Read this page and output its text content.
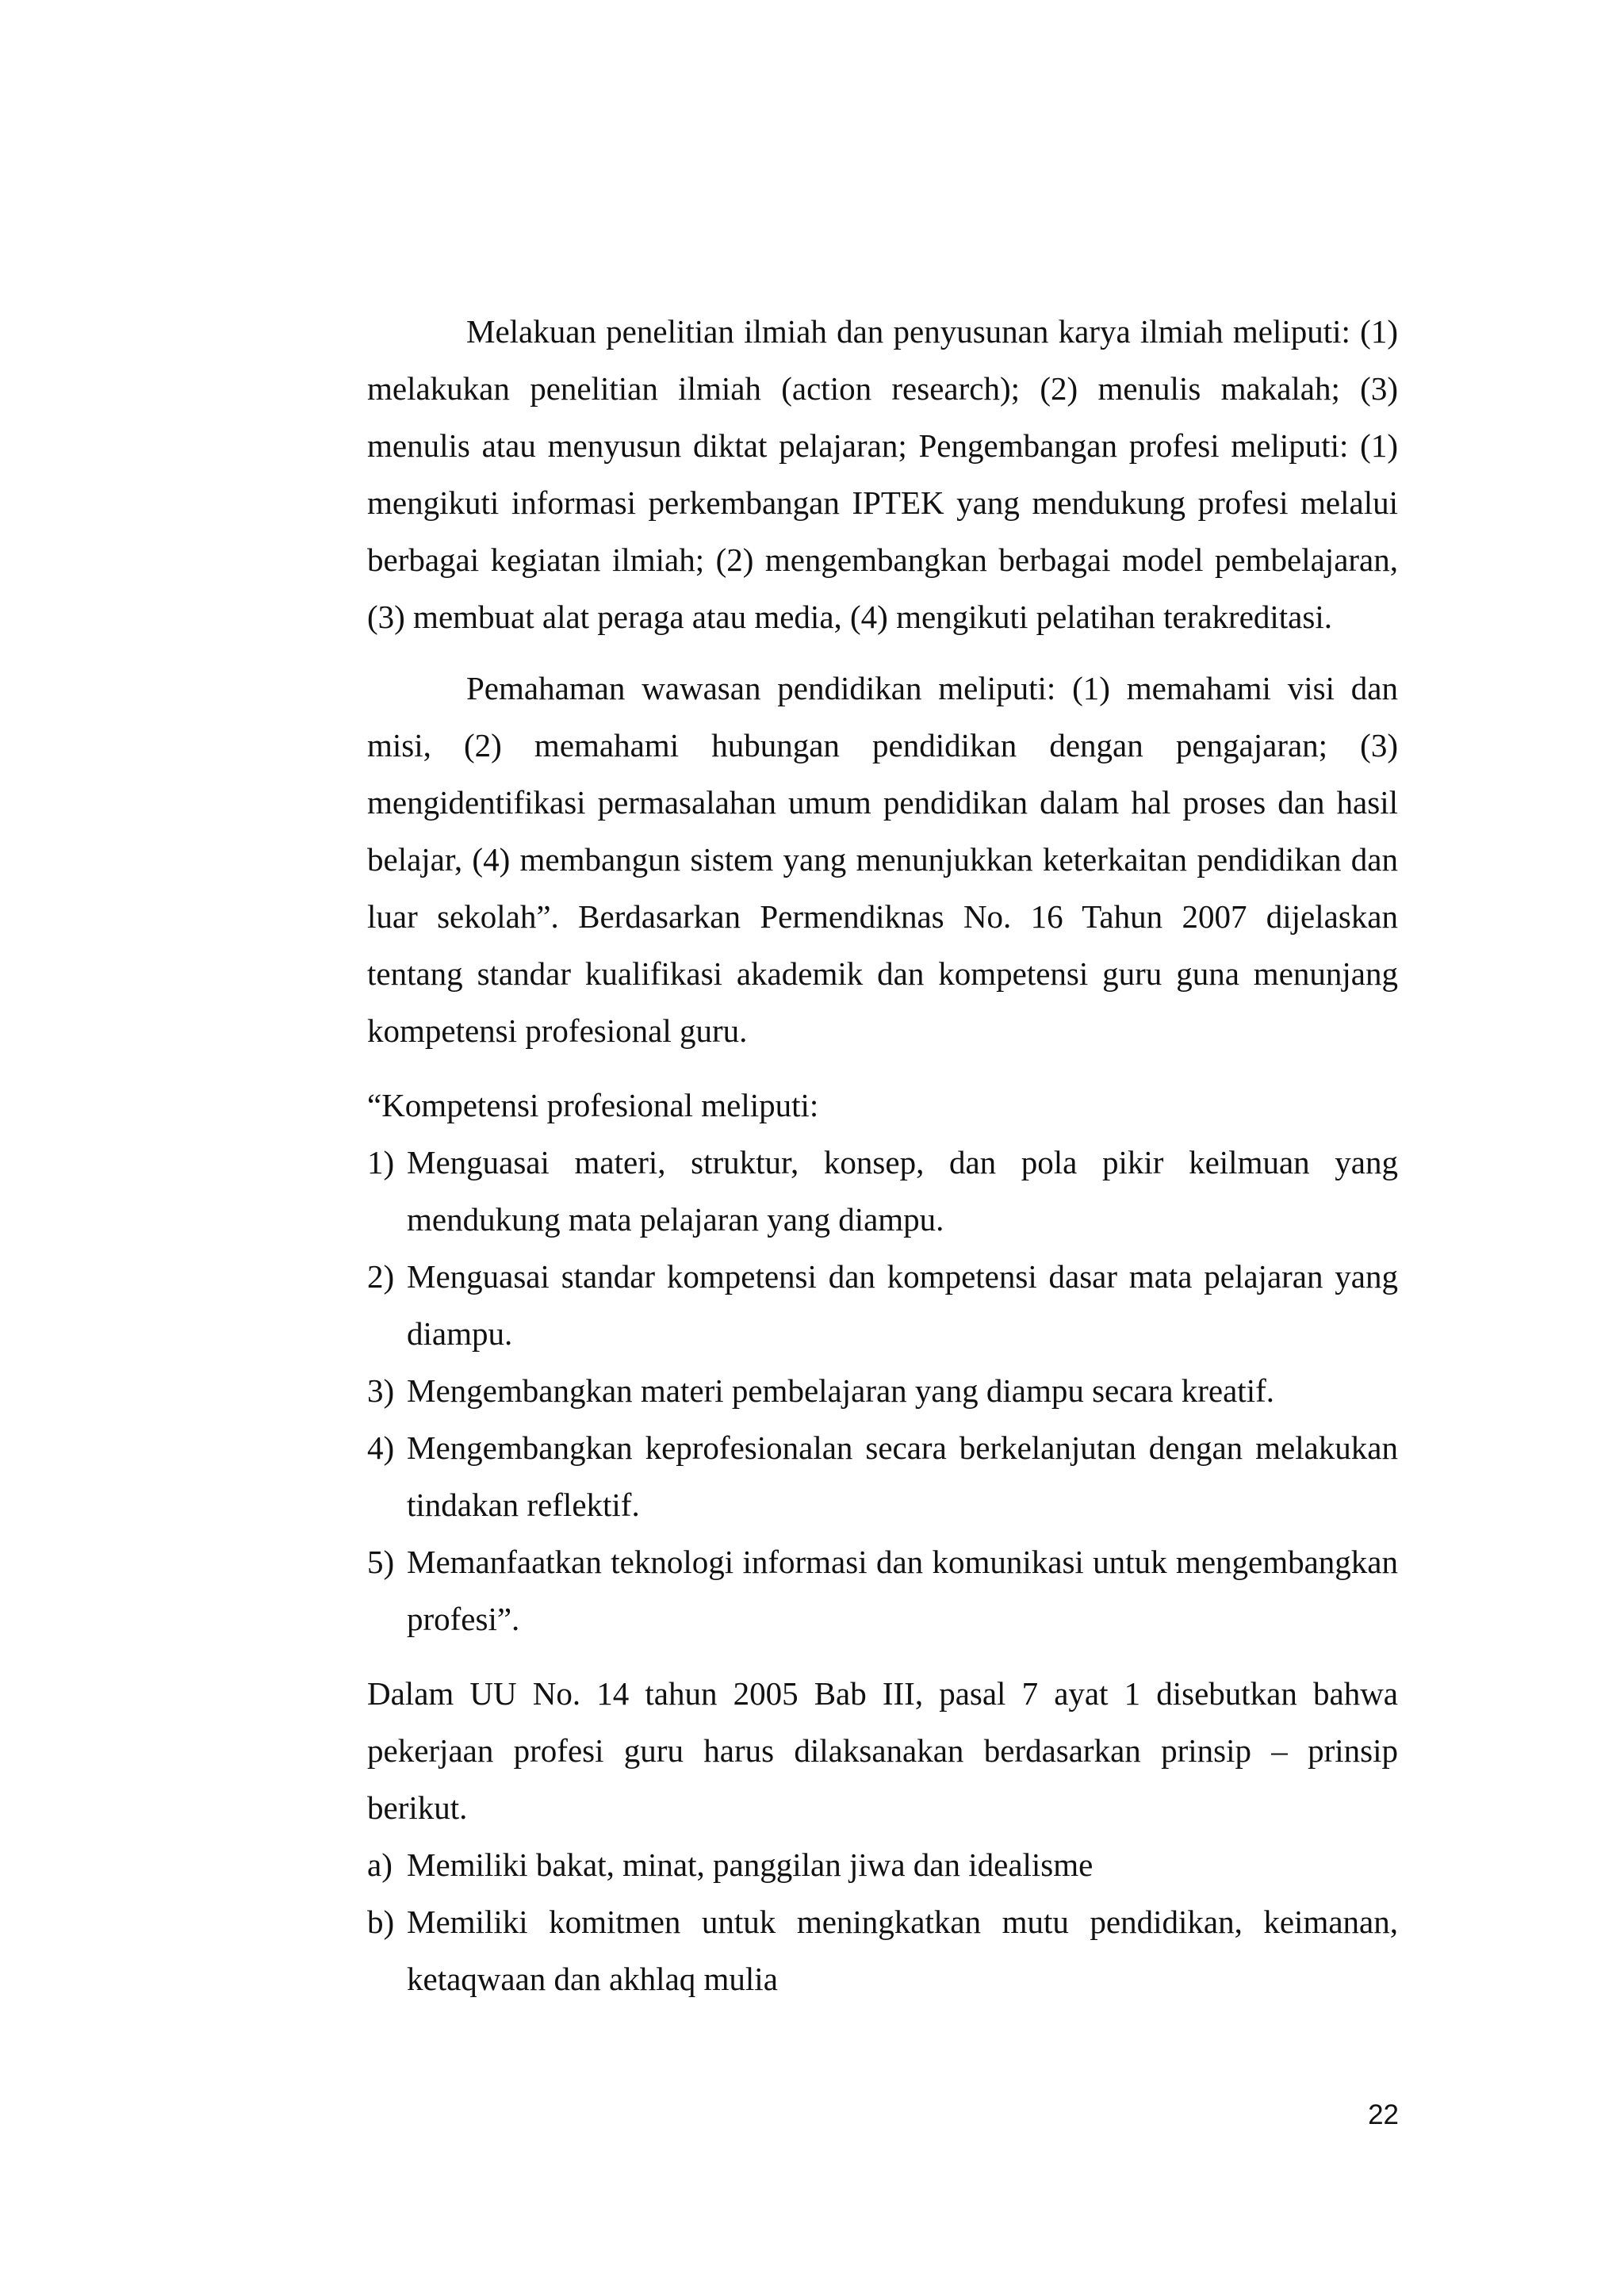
Melakuan penelitian ilmiah dan penyusunan karya ilmiah meliputi: (1) melakukan penelitian ilmiah (action research); (2) menulis makalah; (3) menulis atau menyusun diktat pelajaran; Pengembangan profesi meliputi: (1) mengikuti informasi perkembangan IPTEK yang mendukung profesi melalui berbagai kegiatan ilmiah; (2) mengembangkan berbagai model pembelajaran, (3) membuat alat peraga atau media, (4) mengikuti pelatihan terakreditasi.

Pemahaman wawasan pendidikan meliputi: (1) memahami visi dan misi, (2) memahami hubungan pendidikan dengan pengajaran; (3) mengidentifikasi permasalahan umum pendidikan dalam hal proses dan hasil belajar, (4) membangun sistem yang menunjukkan keterkaitan pendidikan dan luar sekolah”. Berdasarkan Permendiknas No. 16 Tahun 2007 dijelaskan tentang standar kualifikasi akademik dan kompetensi guru guna menunjang kompetensi profesional guru.

“Kompetensi profesional meliputi:

1) Menguasai materi, struktur, konsep, dan pola pikir keilmuan yang mendukung mata pelajaran yang diampu.
2) Menguasai standar kompetensi dan kompetensi dasar mata pelajaran yang diampu.
3) Mengembangkan materi pembelajaran yang diampu secara kreatif.
4) Mengembangkan keprofesionalan secara berkelanjutan dengan melakukan tindakan reflektif.
5) Memanfaatkan teknologi informasi dan komunikasi untuk mengembangkan profesi”.

Dalam UU No. 14 tahun 2005 Bab III, pasal 7 ayat 1 disebutkan bahwa pekerjaan profesi guru harus dilaksanakan berdasarkan prinsip – prinsip berikut.

a) Memiliki bakat, minat, panggilan jiwa dan idealisme
b) Memiliki komitmen untuk meningkatkan mutu pendidikan, keimanan, ketaqwaan dan akhlaq mulia
22
